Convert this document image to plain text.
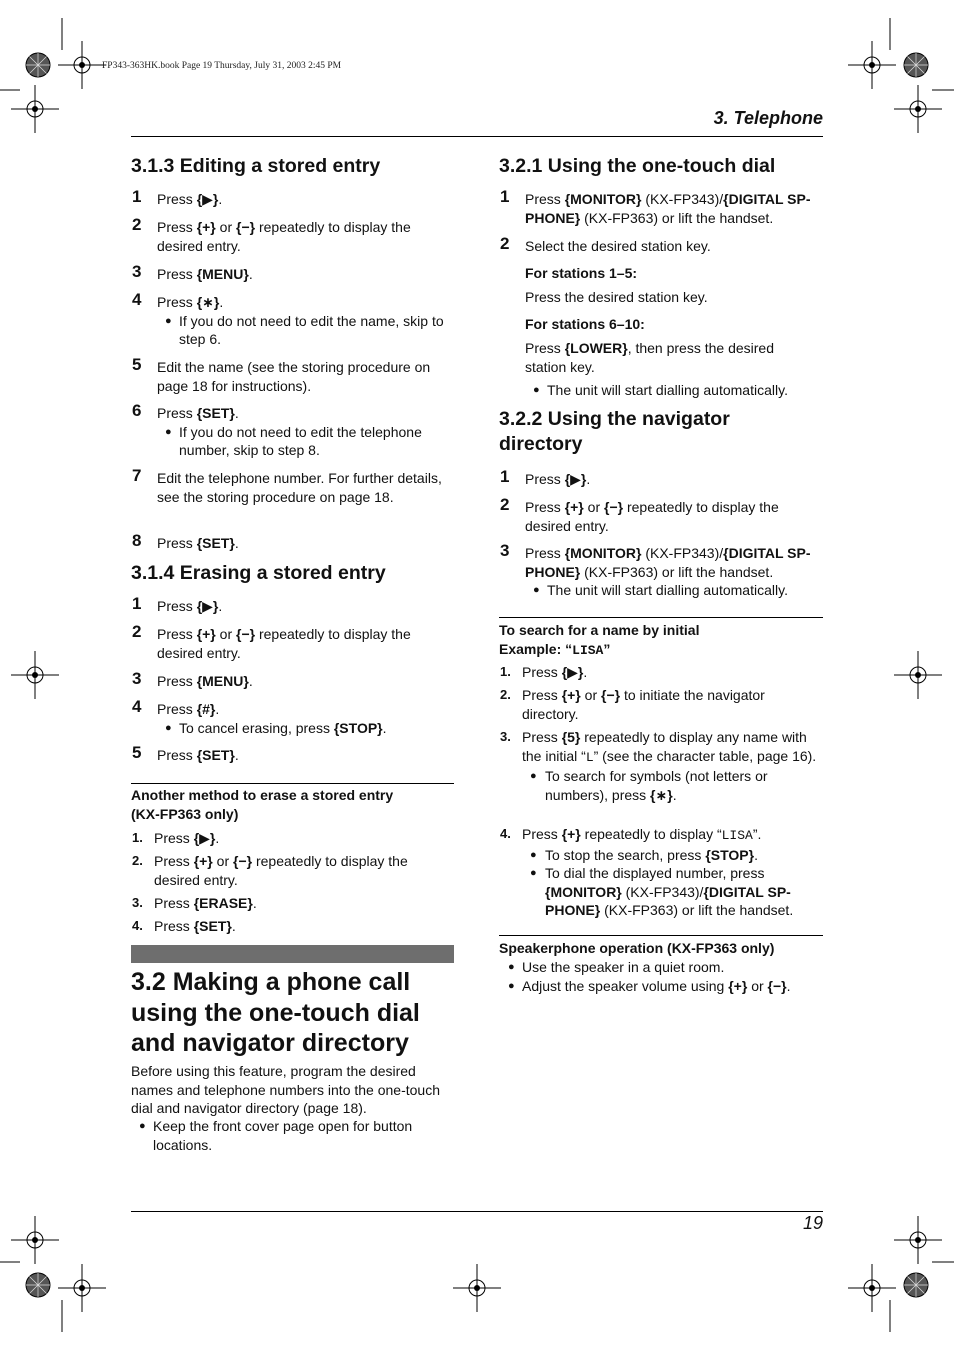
FP343-363HK.book Page 19 Thursday, July 31, 2003 2:45 PM
3. Telephone
3.1.3 Editing a stored entry
1 Press {▶}.
2 Press {+} or {−} repeatedly to display the desired entry.
3 Press {MENU}.
4 Press {∗}.
● If you do not need to edit the name, skip to step 6.
5 Edit the name (see the storing procedure on page 18 for instructions).
6 Press {SET}.
● If you do not need to edit the telephone number, skip to step 8.
7 Edit the telephone number. For further details, see the storing procedure on page 18.
8 Press {SET}.
3.1.4 Erasing a stored entry
1 Press {▶}.
2 Press {+} or {−} repeatedly to display the desired entry.
3 Press {MENU}.
4 Press {#}.
● To cancel erasing, press {STOP}.
5 Press {SET}.
Another method to erase a stored entry
(KX-FP363 only)
1. Press {▶}.
2. Press {+} or {−} repeatedly to display the desired entry.
3. Press {ERASE}.
4. Press {SET}.
3.2 Making a phone call
using the one-touch dial
and navigator directory
Before using this feature, program the desired names and telephone numbers into the one-touch dial and navigator directory (page 18).
● Keep the front cover page open for button locations.
3.2.1 Using the one-touch dial
1 Press {MONITOR} (KX-FP343)/{DIGITAL SP-PHONE} (KX-FP363) or lift the handset.
2 Select the desired station key.
For stations 1–5:
Press the desired station key.
For stations 6–10:
Press {LOWER}, then press the desired station key.
● The unit will start dialling automatically.
3.2.2 Using the navigator
directory
1 Press {▶}.
2 Press {+} or {−} repeatedly to display the desired entry.
3 Press {MONITOR} (KX-FP343)/{DIGITAL SP-PHONE} (KX-FP363) or lift the handset.
● The unit will start dialling automatically.
To search for a name by initial
Example: “LISA”
1. Press {▶}.
2. Press {+} or {−} to initiate the navigator directory.
3. Press {5} repeatedly to display any name with the initial “L” (see the character table, page 16).
● To search for symbols (not letters or numbers), press {∗}.
4. Press {+} repeatedly to display “LISA”.
● To stop the search, press {STOP}.
● To dial the displayed number, press {MONITOR} (KX-FP343)/{DIGITAL SP-PHONE} (KX-FP363) or lift the handset.
Speakerphone operation (KX-FP363 only)
● Use the speaker in a quiet room.
● Adjust the speaker volume using {+} or {−}.
19
